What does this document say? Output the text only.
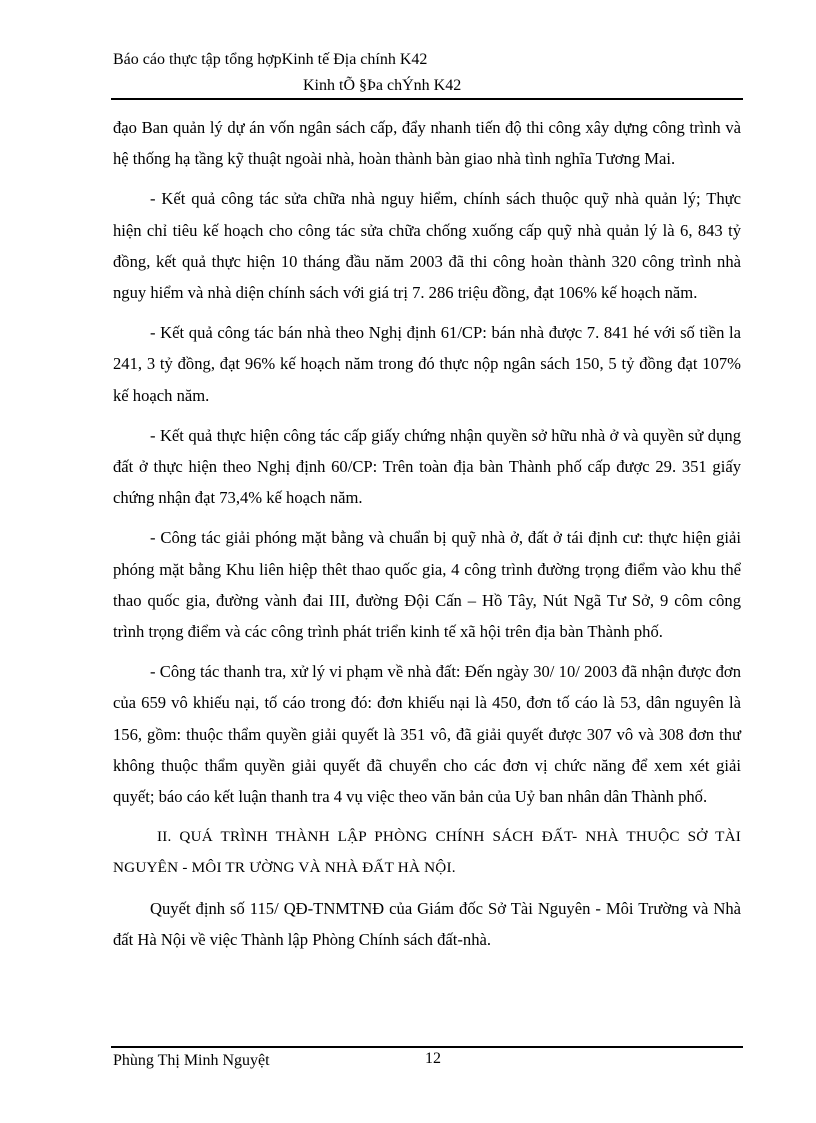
Báo cáo thực tập tổng hợpKinh tế Địa chính K42
Kinh tÕ §Þa chÝnh K42

đạo Ban quản lý dự án vốn ngân sách cấp, đẩy nhanh tiến độ thi công xây dựng công trình và hệ thống hạ tầng kỹ thuật ngoài nhà, hoàn thành bàn giao nhà tình nghĩa Tương Mai.

- Kết quả công tác sửa chữa nhà nguy hiểm, chính sách thuộc quỹ nhà quản lý; Thực hiện chỉ tiêu kế hoạch cho công tác sửa chữa chống xuống cấp quỹ nhà quản lý là 6, 843 tỷ đồng, kết quả thực hiện 10 tháng đầu năm 2003 đã thi công hoàn thành 320 công trình nhà nguy hiểm và nhà diện chính sách với giá trị 7. 286 triệu đồng, đạt 106% kế hoạch năm.

- Kết quả công tác bán nhà theo Nghị định 61/CP: bán nhà được 7. 841 hé với số tiền la 241, 3 tỷ đồng, đạt 96% kế hoạch năm trong đó thực nộp ngân sách 150, 5 tỷ đồng đạt 107% kế hoạch năm.

- Kết quả thực hiện công tác cấp giấy chứng nhận quyền sở hữu nhà ở và quyền sử dụng đất ở thực hiện theo Nghị định 60/CP: Trên toàn địa bàn Thành phố cấp được 29. 351 giấy chứng nhận đạt 73,4% kế hoạch năm.

- Công tác giải phóng mặt bằng và chuẩn bị quỹ nhà ở, đất ở tái định cư: thực hiện giải phóng mặt bằng Khu liên hiệp thêt thao quốc gia, 4 công trình đường trọng điểm vào khu thể thao quốc gia, đường vành đai III, đường Đội Cấn – Hồ Tây, Nút Ngã Tư Sở, 9 côm công trình trọng điểm và các công trình phát triển kinh tế xã hội trên địa bàn Thành phố.

- Công tác thanh tra, xử lý vi phạm về nhà đất: Đến ngày 30/ 10/ 2003 đã nhận được đơn của 659 vô khiếu nại, tố cáo trong đó: đơn khiếu nại là 450, đơn tố cáo là 53, dân nguyên là 156, gồm: thuộc thẩm quyền giải quyết là 351 vô, đã giải quyết được 307 vô và 308 đơn thư không thuộc thẩm quyền giải quyết đã chuyển cho các đơn vị chức năng để xem xét giải quyết; báo cáo kết luận thanh tra 4 vụ việc theo văn bản của Uỷ ban nhân dân Thành phố.

II. QUÁ TRÌNH THÀNH LẬP PHÒNG CHÍNH SÁCH ĐẤT- NHÀ THUỘC SỞ TÀI NGUYÊN - MÔI TR ƯỜNG VÀ NHÀ ĐẤT HÀ NỘI.

Quyết định số 115/ QĐ-TNMTNĐ của Giám đốc Sở Tài Nguyên - Môi Trường và Nhà đất Hà Nội về việc Thành lập Phòng Chính sách đất-nhà.

Phùng Thị Minh Nguyệt	12
